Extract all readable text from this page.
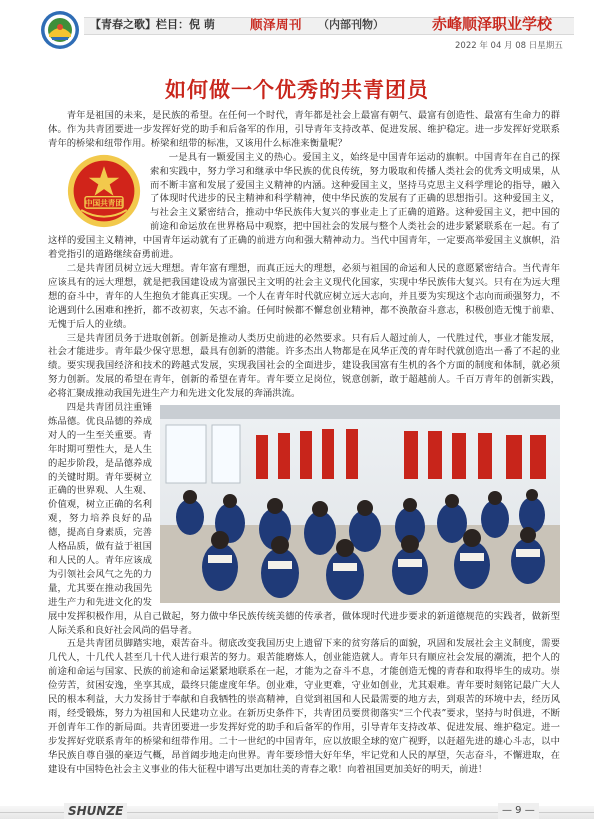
【青春之歌】栏目：倪 萌	顺泽周刊 （内部刊物）	赤峰顺泽职业学校
2022 年 04 月 08 日星期五
如何做一个优秀的共青团员

青年是祖国的未来，是民族的希望。在任何一个时代，青年都是社会上最富有朝气、最富有创造性、最富有生命力的群体。作为共青团要进一步发挥好党的助手和后备军的作用，引导青年支持改革、促进发展、维护稳定。进一步发挥好党联系青年的桥梁和纽带作用。桥梁和纽带的标准，又该用什么标准来衡量呢？

中国共青团

一是具有一颗爱国主义的热心。爱国主义，始终是中国青年运动的旗帜。中国青年在自己的探索和实践中，努力学习和继承中华民族的优良传统，努力吸取和传播人类社会的优秀文明成果，从而不断丰富和发展了爱国主义精神的内涵。这种爱国主义，坚持马克思主义科学理论的指导，融入了体现时代进步的民主精神和科学精神，使中华民族的发展有了正确的思想指引。这种爱国主义，与社会主义紧密结合，推动中华民族伟大复兴的事业走上了正确的道路。这种爱国主义，把中国的前途和命运放在世界格局中观察，把中国社会的发展与整个人类社会的进步紧紧联系在一起。有了这样的爱国主义精神，中国青年运动就有了正确的前进方向和强大精神动力。当代中国青年，一定要高举爱国主义旗帜，沿着党指引的道路继续奋勇前进。

二是共青团员树立远大理想。青年富有理想，而真正远大的理想，必须与祖国的命运和人民的意愿紧密结合。当代青年应该具有的远大理想，就是把我国建设成为富强民主文明的社会主义现代化国家，实现中华民族伟大复兴。只有在为远大理想的奋斗中，青年的人生抱负才能真正实现。一个人在青年时代就应树立远大志向，并且要为实现这个志向而顽强努力，不论遇到什么困难和挫折，都不改初衷，矢志不渝。任何时候都不懈怠创业精神，都不涣散奋斗意志，积极创造无愧于前辈、无愧于后人的业绩。

三是共青团员务于进取创新。创新是推动人类历史前进的必然要求。只有后人超过前人，一代胜过代，事业才能发展，社会才能进步。青年最少保守思想，最具有创新的潜能。许多杰出人物都是在风华正茂的青年时代就创造出一番了不起的业绩。要实现我国经济和技术的跨越式发展，实现我国社会的全面进步，建设我国富有生机的各个方面的制度和体制，就必须努力创新。发展的希望在青年，创新的希望在青年。青年要立足岗位，锐意创新，敢于超越前人。千百万青年的创新实践，必将汇聚成推动我国先进生产力和先进文化发展的奔涌洪流。

四是共青团员注重锤炼品德。优良品德的养成对人的一生至关重要。青年时期可塑性大，是人生的起步阶段，是品德养成的关键时期。青年要树立正确的世界观、人生观、价值观，树立正确的名利观，努力培养良好的品德，提高自身素质，完善人格品质，做有益于祖国和人民的人。青年应该成为引领社会风气之先的力量，尤其要在推动我国先进生产力和先进文化的发展中发挥积极作用，从自己做起，努力做中华民族传统美德的传承者，做体现时代进步要求的新道德规范的实践者，做新型人际关系和良好社会风尚的倡导者。

五是共青团员脚踏实地，艰苦奋斗。彻底改变我国历史上遗留下来的贫穷落后的面貌，巩固和发展社会主义制度，需要几代人，十几代人甚至几十代人进行艰苦的努力。艰苦能磨炼人，创业能造就人。青年只有顺应社会发展的潮流，把个人的前途和命运与国家、民族的前途和命运紧紧地联系在一起，才能为之奋斗不息，才能创造无愧的青春和取得毕生的成功。崇俭劳苦，贫困安逸，坐享其成，最终只能虚度年华。创业难，守业更难，守业如创业，尤其艰难。青年要时刻铭记最广大人民的根本利益，大力发扬甘于奉献和自我牺牲的崇高精神，自觉到祖国和人民最需要的地方去，到艰苦的环境中去，经历风雨，经受锻炼，努力为祖国和人民建功立业。在新历史条件下，共青团员要贯彻落实“三个代表”要求，坚持与时俱进，不断开创青年工作的新局面。共青团要进一步发挥好党的助手和后备军的作用，引导青年支持改革、促进发展、维护稳定。进一步发挥好党联系青年的桥梁和纽带作用。二十一世纪的中国青年，应以放眼全球的宽广视野，以赶超先进的雄心斗志，以中华民族自尊自强的豪迈气概，昂首阔步地走向世界。青年要珍惜大好年华，牢记党和人民的厚望，矢志奋斗，不懈进取，在建设有中国特色社会主义事业的伟大征程中谱写出更加壮美的青春之歌！向着祖国更加美好的明天，前进！

SHUNZE	— 9 —
